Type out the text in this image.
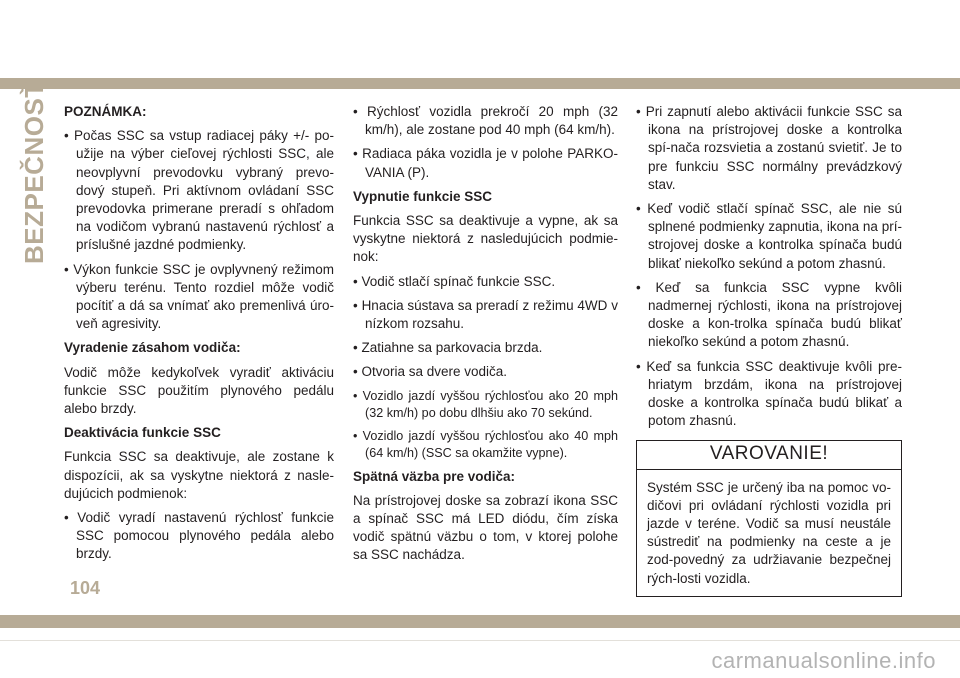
BEZPEČNOSŤ POZNÁMKA:

• Počas SSC sa vstup radiacej páky +/- po-užije na výber cieľovej rýchlosti SSC, ale neovplyvní prevodovku vybraný prevo-dový stupeň. Pri aktívnom ovládaní SSC prevodovka primerane preradí s ohľadom na vodičom vybranú nastavenú rýchlosť a príslušné jazdné podmienky.

• Výkon funkcie SSC je ovplyvnený režimom výberu terénu. Tento rozdiel môže vodič pocítiť a dá sa vnímať ako premenlivá úro-veň agresivity.

Vyradenie zásahom vodiča:

Vodič môže kedykoľvek vyradiť aktiváciu funkcie SSC použitím plynového pedálu alebo brzdy.

Deaktivácia funkcie SSC

Funkcia SSC sa deaktivuje, ale zostane k dispozícii, ak sa vyskytne niektorá z nasle-dujúcich podmienok:

• Vodič vyradí nastavenú rýchlosť funkcie SSC pomocou plynového pedála alebo brzdy.

• Rýchlosť vozidla prekročí 20 mph (32 km/h), ale zostane pod 40 mph (64 km/h).

• Radiaca páka vozidla je v polohe PARKO-VANIA (P).

Vypnutie funkcie SSC

Funkcia SSC sa deaktivuje a vypne, ak sa vyskytne niektorá z nasledujúcich podmie-nok:

• Vodič stlačí spínač funkcie SSC.

• Hnacia sústava sa preradí z režimu 4WD v nízkom rozsahu.

• Zatiahne sa parkovacia brzda.

• Otvoria sa dvere vodiča.

• Vozidlo jazdí vyššou rýchlosťou ako 20 mph (32 km/h) po dobu dlhšiu ako 70 sekúnd.

• Vozidlo jazdí vyššou rýchlosťou ako 40 mph (64 km/h) (SSC sa okamžite vypne).

Spätná väzba pre vodiča:

Na prístrojovej doske sa zobrazí ikona SSC a spínač SSC má LED diódu, čím získa vodič spätnú väzbu o tom, v ktorej polohe sa SSC nachádza.

• Pri zapnutí alebo aktivácii funkcie SSC sa ikona na prístrojovej doske a kontrolka spí-nača rozsvietia a zostanú svietiť. Je to pre funkciu SSC normálny prevádzkový stav.

• Keď vodič stlačí spínač SSC, ale nie sú splnené podmienky zapnutia, ikona na prí-strojovej doske a kontrolka spínača budú blikať niekoľko sekúnd a potom zhasnú.

• Keď sa funkcia SSC vypne kvôli nadmernej rýchlosti, ikona na prístrojovej doske a kon-trolka spínača budú blikať niekoľko sekúnd a potom zhasnú.

• Keď sa funkcia SSC deaktivuje kvôli pre-hriatym brzdám, ikona na prístrojovej doske a kontrolka spínača budú blikať a potom zhasnú.

VAROVANIE!
Systém SSC je určený iba na pomoc vo-dičovi pri ovládaní rýchlosti vozidla pri jazde v teréne. Vodič sa musí neustále sústrediť na podmienky na ceste a je zod-povedný za udržiavanie bezpečnej rých-losti vozidla.
104
carmanualsonline.info
